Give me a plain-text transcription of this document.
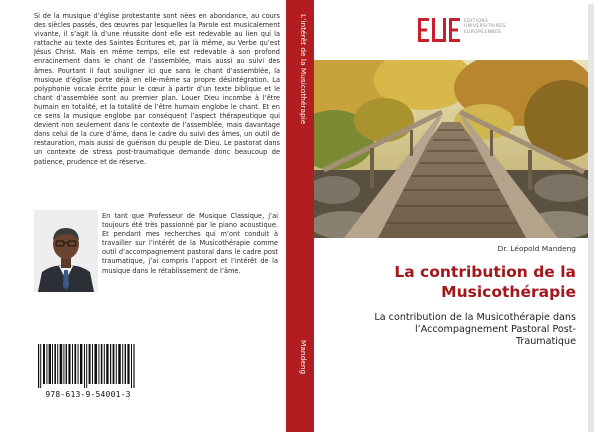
Si de la musique d’église protestante sont nées en abondance, au cours des siècles passés, des œuvres par lesquelles la Parole est musicalement vivante, il s’agit là d’une réussite dont elle est redevable au lien qui la rattache au texte des Saintes Écritures et, par là même, au Verbe qu’est Jésus Christ. Mais en même temps, elle est redevable à son profond enracinement dans le chant de l’assemblée, mais aussi au suivi des âmes. Pourtant il faut souligner ici que sans le chant d’assemblée, la musique d’église porte déjà en elle-même sa propre désintégration. La polyphonie vocale écrite pour le cœur à partir d’un texte biblique et le chant d’assemblée sont au premier plan. Louer Dieu incombe à l’être humain en totalité, et la totalité de l’être humain englobe le chant. Et en ce sens la musique englobe par conséquent l’aspect thérapeutique qui devient non seulement dans le contexte de l’assemblée, mais davantage dans celui de la cure d’âme, dans le cadre du suivi des âmes, un outil de restauration, mais aussi de guérison du peuple de Dieu. Le pastorat dans un contexte de stress post-traumatique demande donc beaucoup de patience, prudence et de réserve.

En tant que Professeur de Musique Classique, j’ai toujours été très passionné par le piano acoustique. Et pendant mes recherches qui m’ont conduit à travailler sur l’intérêt de la Musicothérapie comme outil d’accompagnement pastoral dans le cadre post traumatique, j’ai compris l’apport et l’intérêt de la musique dans le rétablissement de l’âme.

978-613-9-54001-3
L’intérêt de la Musicothérapie
Mandeng
EDITIONS UNIVERSITAIRES EUROPEENNES
Dr. Léopold Mandeng
La contribution de la Musicothérapie

La contribution de la Musicothérapie dans l’Accompagnement Pastoral Post-Traumatique
